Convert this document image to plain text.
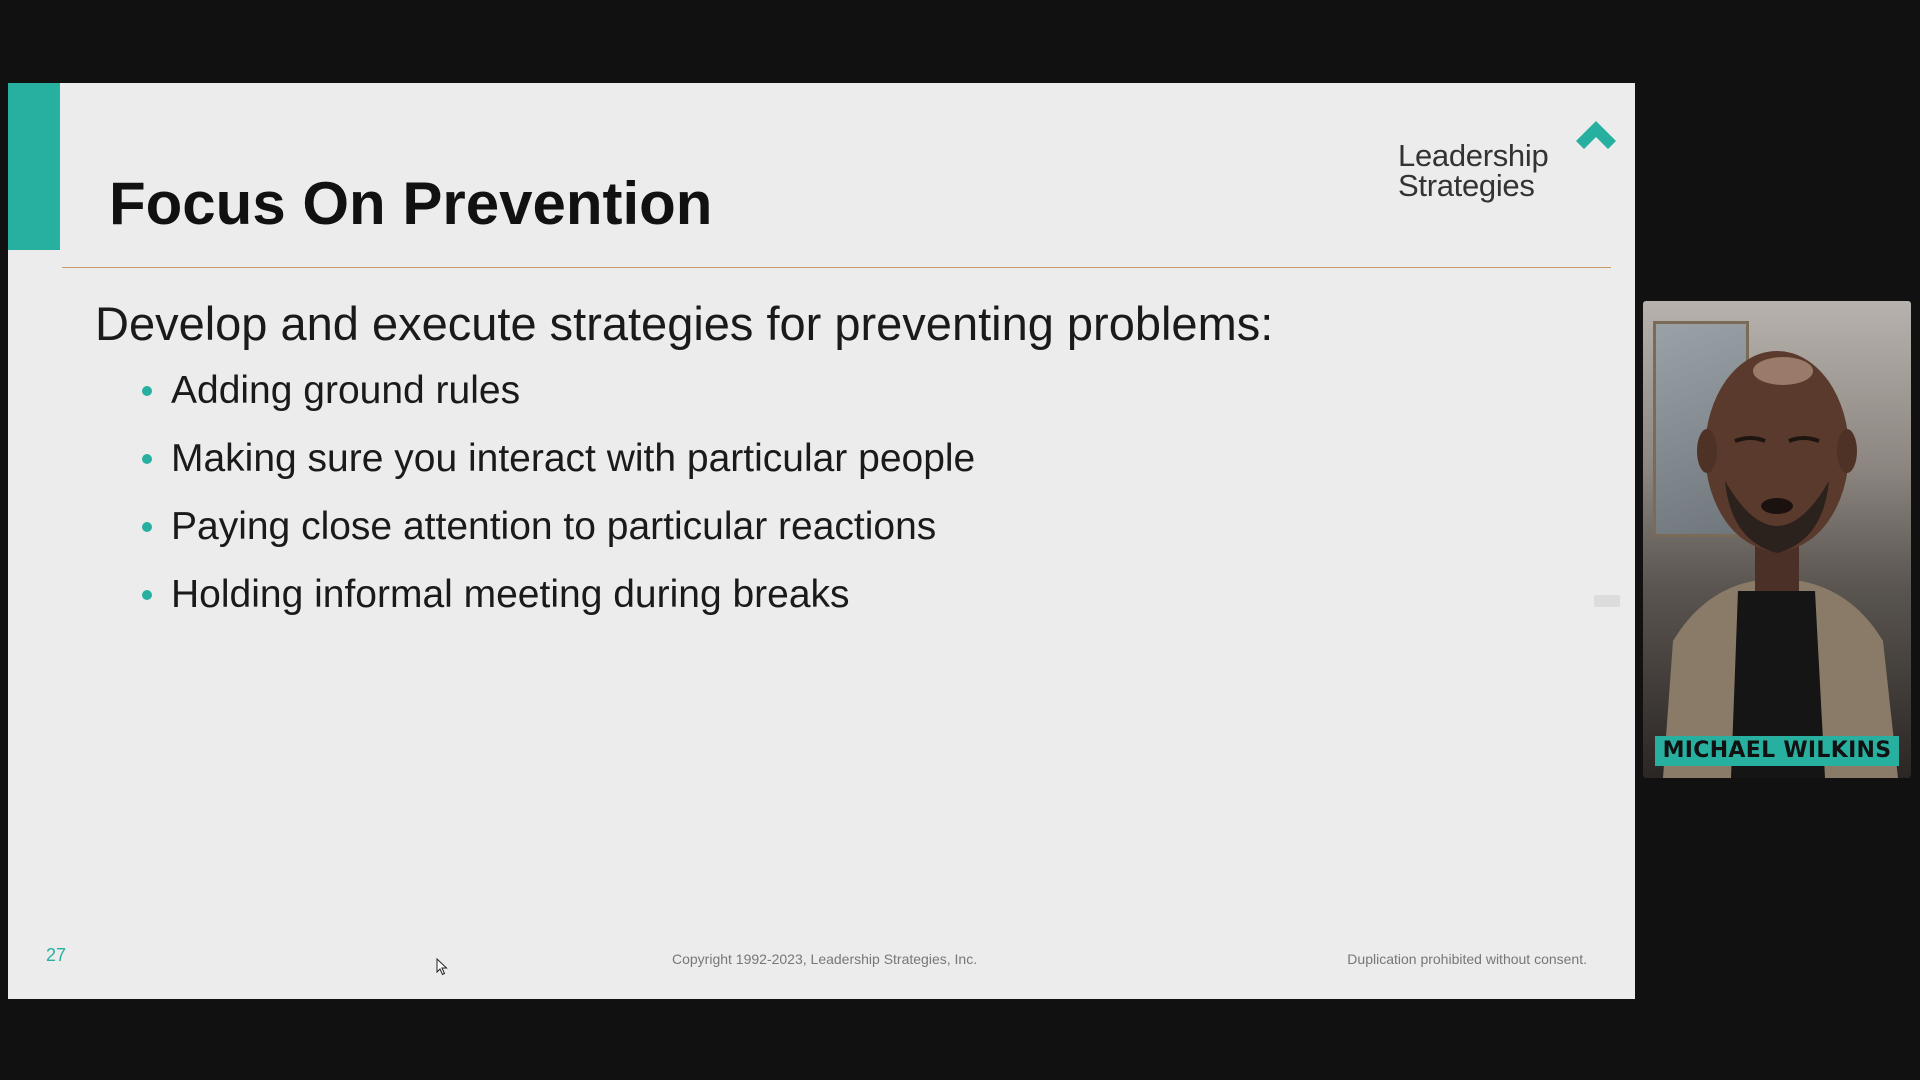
Focus On Prevention
Leadership
Strategies

Develop and execute strategies for preventing problems:

Adding ground rules
Making sure you interact with particular people
Paying close attention to particular reactions
Holding informal meeting during breaks
27	Copyright 1992-2023, Leadership Strategies, Inc.	Duplication prohibited without consent.
MICHAEL WILKINS
